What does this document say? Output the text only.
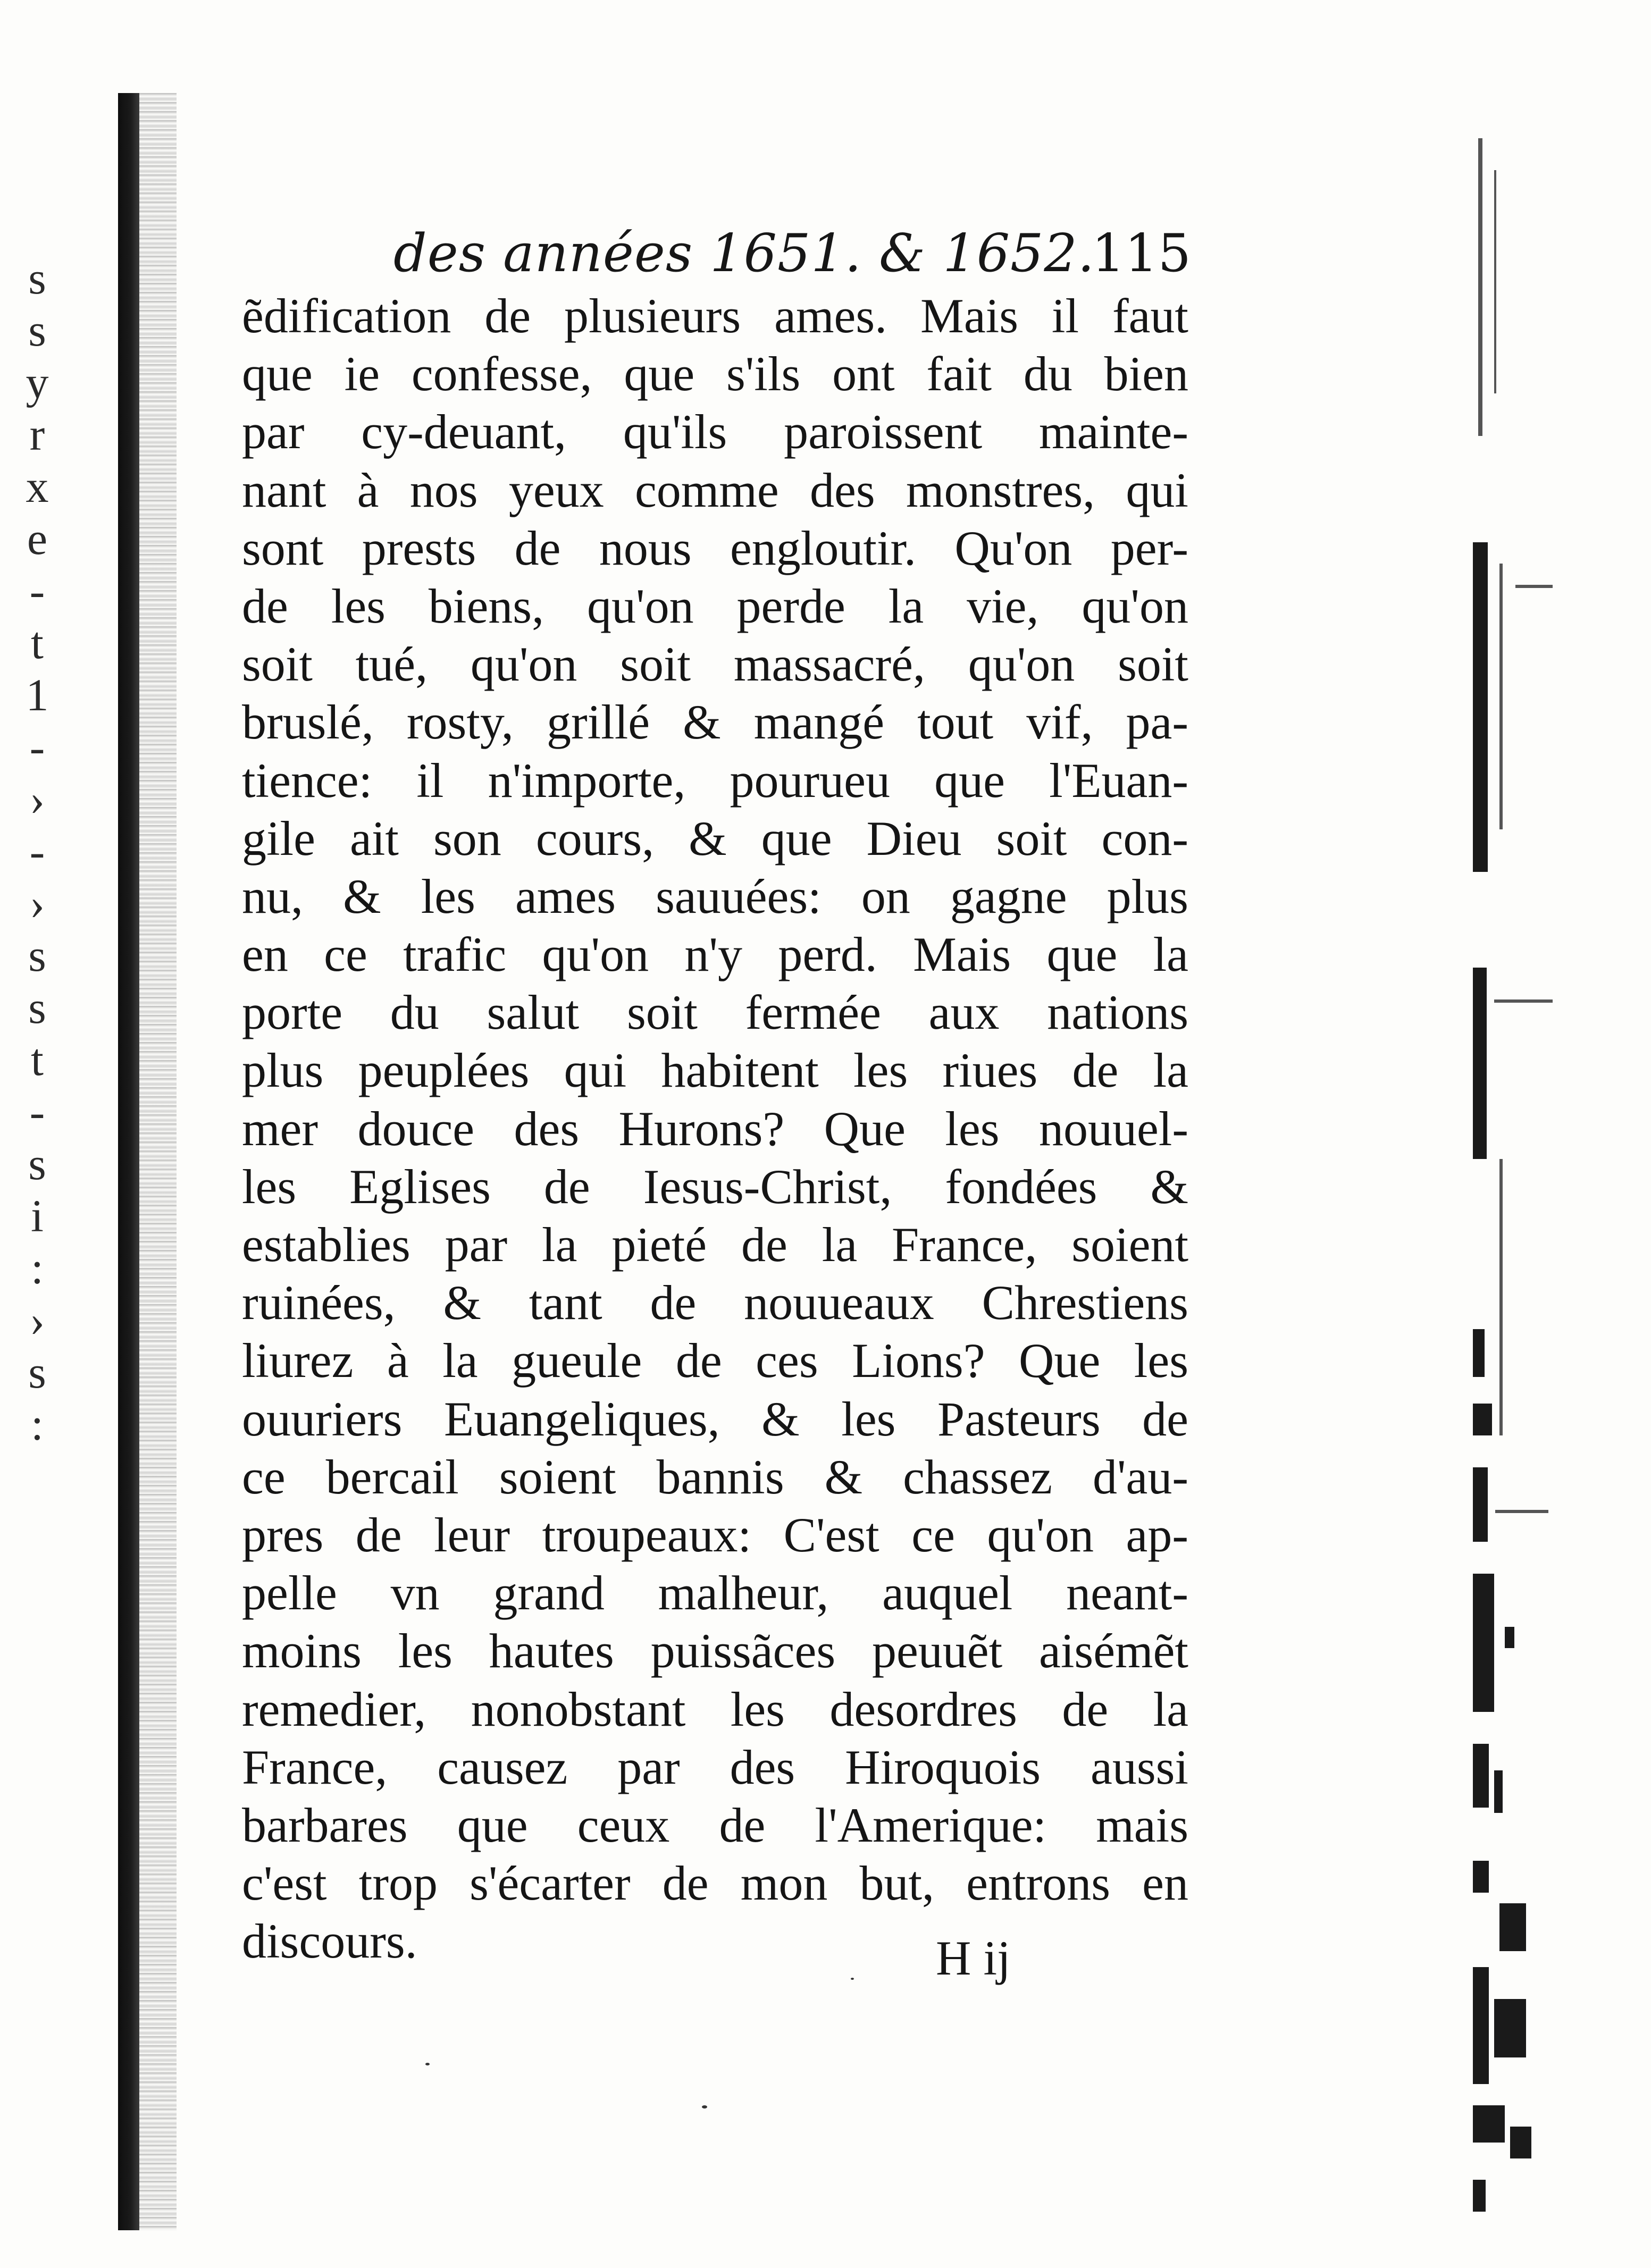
s
s
y
r
x
e
-
t
1
-
›
-
›
s
s
t
-
s
i
:
›
s
:
des années 1651. & 1652.
115
ẽdification de plusieurs ames. Mais il faut
que ie confesse, que s'ils ont fait du bien
par cy-deuant, qu'ils paroissent mainte-
nant à nos yeux comme des monstres, qui
sont prests de nous engloutir. Qu'on per-
de les biens, qu'on perde la vie, qu'on
soit tué, qu'on soit massacré, qu'on soit
bruslé, rosty, grillé & mangé tout vif, pa-
tience: il n'importe, pourueu que l'Euan-
gile ait son cours, & que Dieu soit con-
nu, & les ames sauuées: on gagne plus
en ce trafic qu'on n'y perd. Mais que la
porte du salut soit fermée aux nations
plus peuplées qui habitent les riues de la
mer douce des Hurons? Que les nouuel-
les Eglises de Iesus-Christ, fondées &
establies par la pieté de la France, soient
ruinées, & tant de nouueaux Chrestiens
liurez à la gueule de ces Lions? Que les
ouuriers Euangeliques, & les Pasteurs de
ce bercail soient bannis & chassez d'au-
pres de leur troupeaux: C'est ce qu'on ap-
pelle vn grand malheur, auquel neant-
moins les hautes puissãces peuuẽt aisémẽt
remedier, nonobstant les desordres de la
France, causez par des Hiroquois aussi
barbares que ceux de l'Amerique: mais
c'est trop s'écarter de mon but, entrons en
discours.	H ij
